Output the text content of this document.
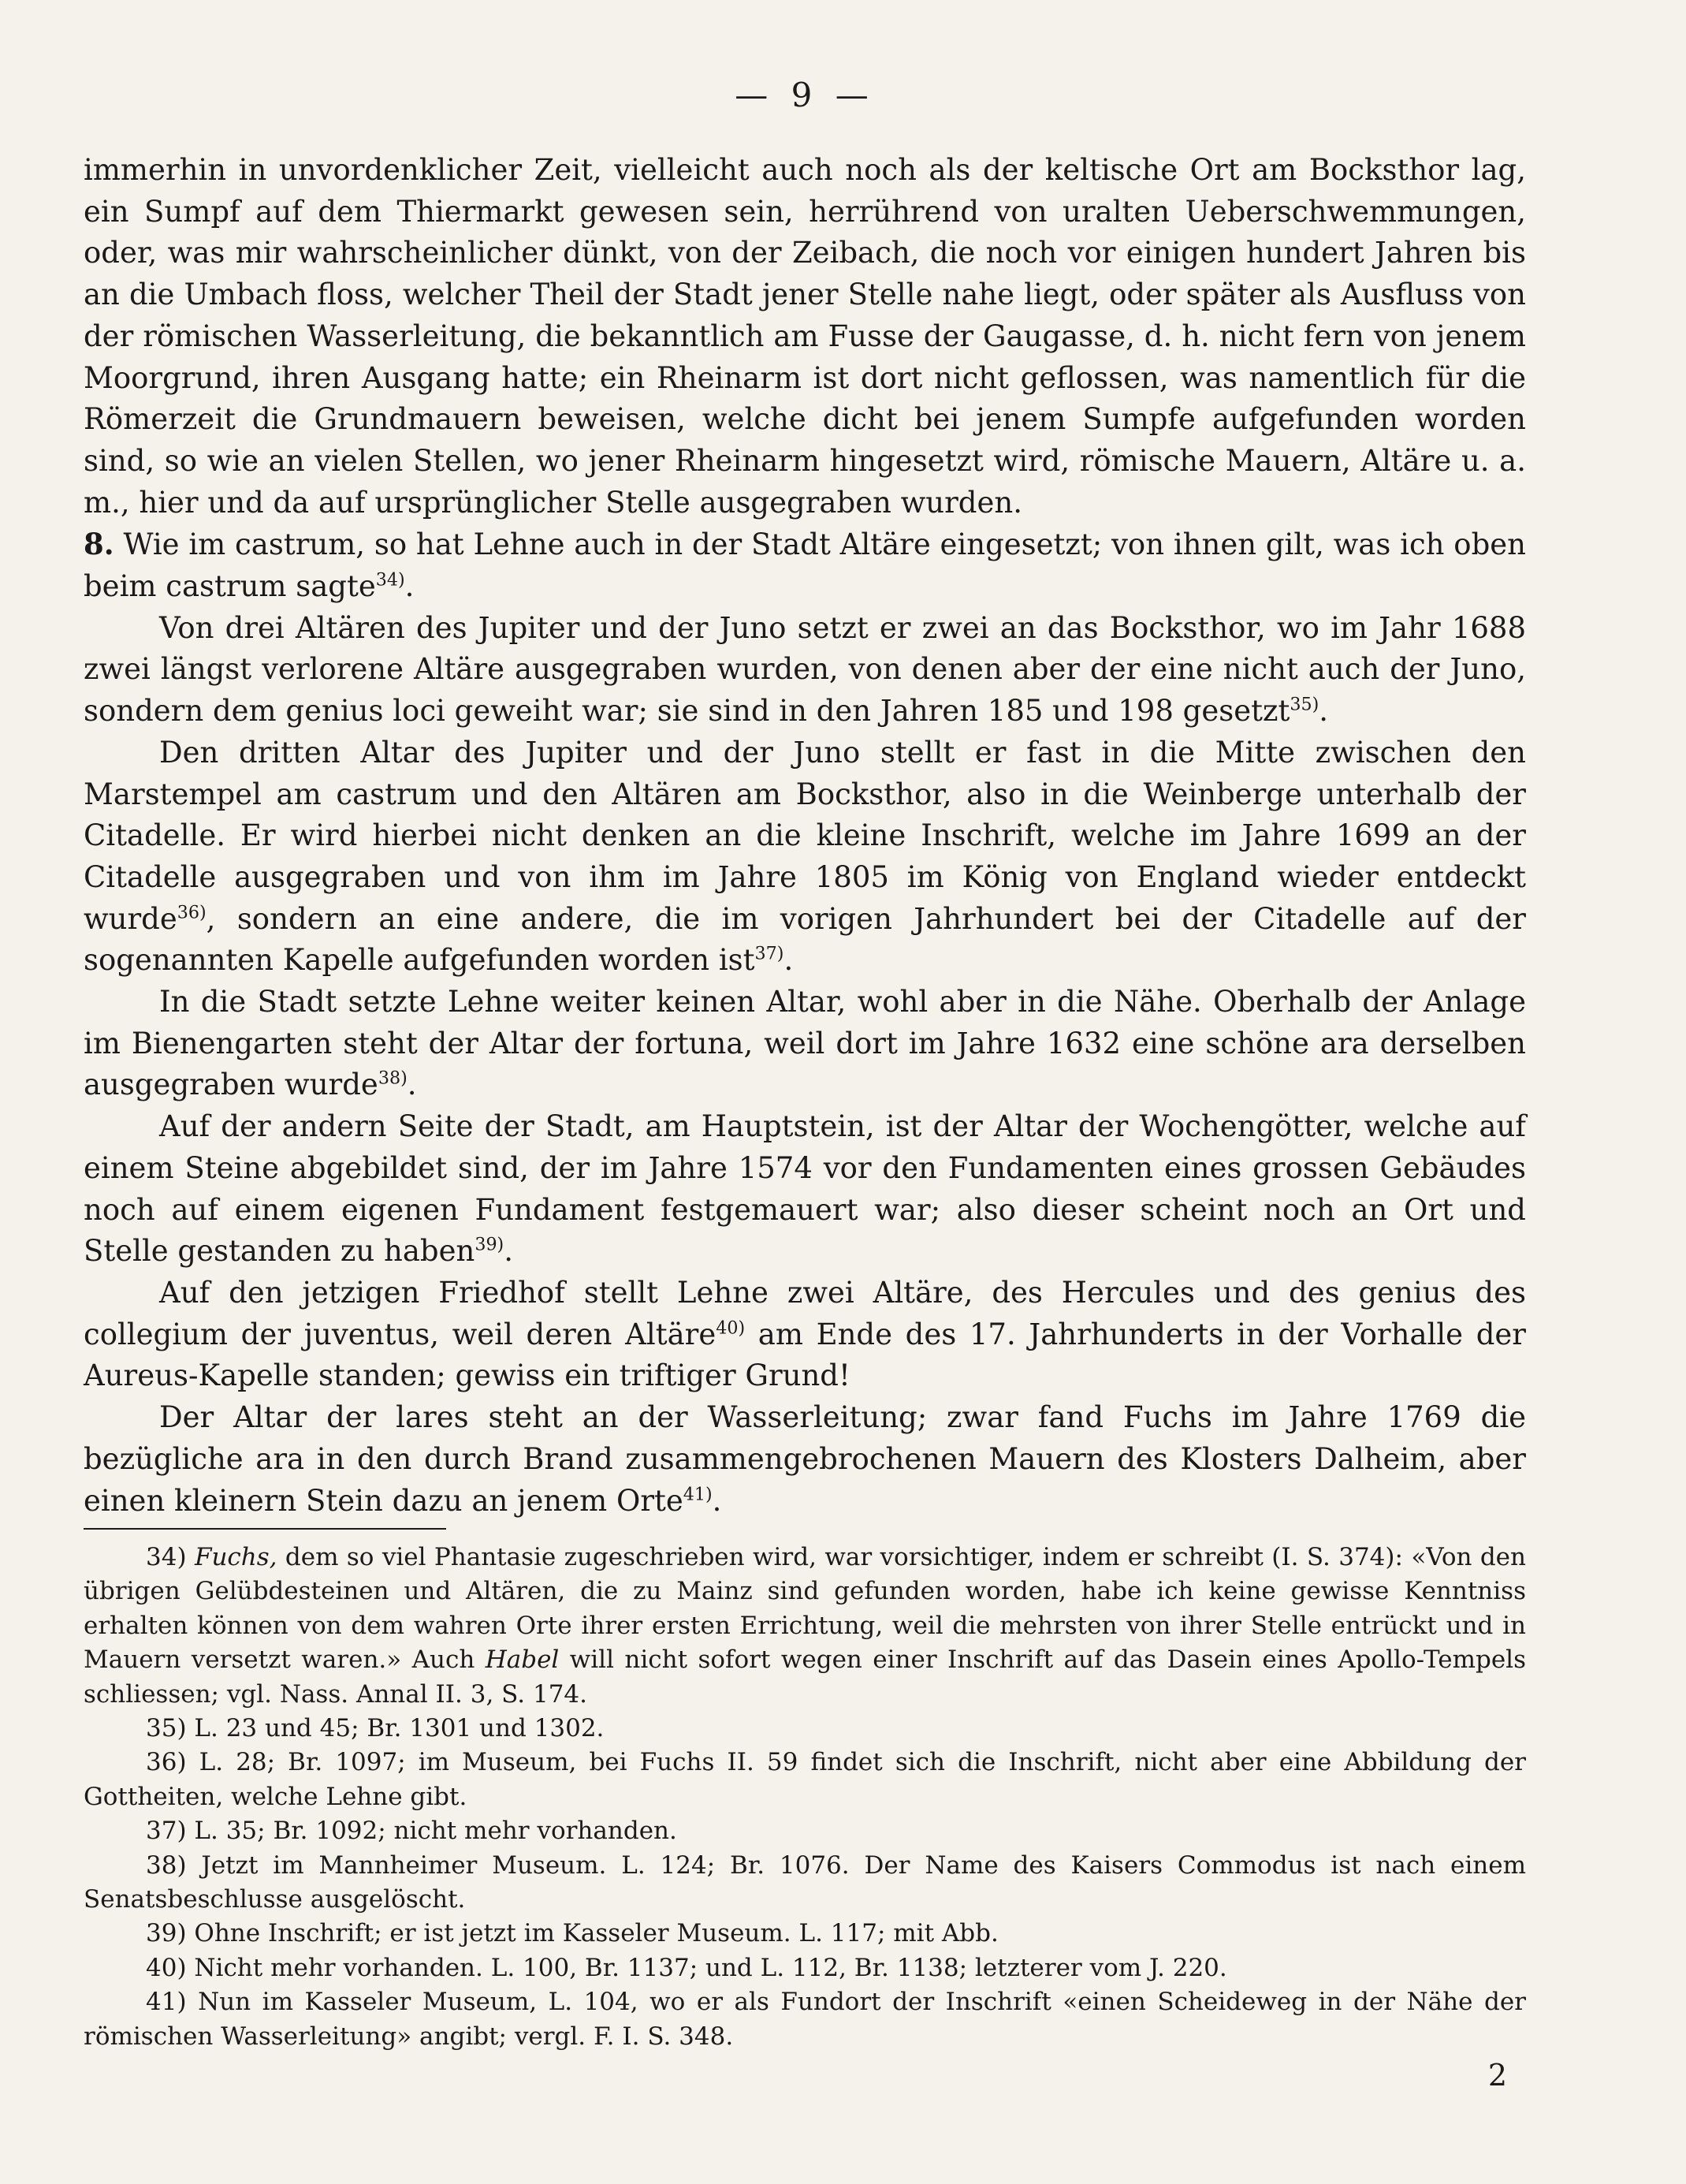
— 9 —

immerhin in unvordenklicher Zeit, vielleicht auch noch als der keltische Ort am Bocksthor lag, ein Sumpf auf dem Thiermarkt gewesen sein, herrührend von uralten Ueberschwemmungen, oder, was mir wahrscheinlicher dünkt, von der Zeibach, die noch vor einigen hundert Jahren bis an die Umbach floss, welcher Theil der Stadt jener Stelle nahe liegt, oder später als Ausfluss von der römischen Wasserleitung, die bekanntlich am Fusse der Gaugasse, d. h. nicht fern von jenem Moorgrund, ihren Ausgang hatte; ein Rheinarm ist dort nicht geflossen, was namentlich für die Römerzeit die Grundmauern beweisen, welche dicht bei jenem Sumpfe aufgefunden worden sind, so wie an vielen Stellen, wo jener Rheinarm hingesetzt wird, römische Mauern, Altäre u. a. m., hier und da auf ursprünglicher Stelle ausgegraben wurden.

8. Wie im castrum, so hat Lehne auch in der Stadt Altäre eingesetzt; von ihnen gilt, was ich oben beim castrum sagte$^{34)}$.

Von drei Altären des Jupiter und der Juno setzt er zwei an das Bocksthor, wo im Jahr 1688 zwei längst verlorene Altäre ausgegraben wurden, von denen aber der eine nicht auch der Juno, sondern dem genius loci geweiht war; sie sind in den Jahren 185 und 198 gesetzt$^{35)}$.

Den dritten Altar des Jupiter und der Juno stellt er fast in die Mitte zwischen den Marstempel am castrum und den Altären am Bocksthor, also in die Weinberge unterhalb der Citadelle. Er wird hierbei nicht denken an die kleine Inschrift, welche im Jahre 1699 an der Citadelle ausgegraben und von ihm im Jahre 1805 im König von England wieder entdeckt wurde$^{36)}$, sondern an eine andere, die im vorigen Jahrhundert bei der Citadelle auf der sogenannten Kapelle aufgefunden worden ist$^{37)}$.

In die Stadt setzte Lehne weiter keinen Altar, wohl aber in die Nähe. Oberhalb der Anlage im Bienengarten steht der Altar der fortuna, weil dort im Jahre 1632 eine schöne ara derselben ausgegraben wurde$^{38)}$.

Auf der andern Seite der Stadt, am Hauptstein, ist der Altar der Wochengötter, welche auf einem Steine abgebildet sind, der im Jahre 1574 vor den Fundamenten eines grossen Gebäudes noch auf einem eigenen Fundament festgemauert war; also dieser scheint noch an Ort und Stelle gestanden zu haben$^{39)}$.

Auf den jetzigen Friedhof stellt Lehne zwei Altäre, des Hercules und des genius des collegium der juventus, weil deren Altäre$^{40)}$ am Ende des 17. Jahrhunderts in der Vorhalle der Aureus-Kapelle standen; gewiss ein triftiger Grund!

Der Altar der lares steht an der Wasserleitung; zwar fand Fuchs im Jahre 1769 die bezügliche ara in den durch Brand zusammengebrochenen Mauern des Klosters Dalheim, aber einen kleinern Stein dazu an jenem Orte$^{41)}$.

34) Fuchs, dem so viel Phantasie zugeschrieben wird, war vorsichtiger, indem er schreibt (I. S. 374): «Von den übrigen Gelübdesteinen und Altären, die zu Mainz sind gefunden worden, habe ich keine gewisse Kenntniss erhalten können von dem wahren Orte ihrer ersten Errichtung, weil die mehrsten von ihrer Stelle entrückt und in Mauern versetzt waren.» Auch Habel will nicht sofort wegen einer Inschrift auf das Dasein eines Apollo-Tempels schliessen; vgl. Nass. Annal II. 3, S. 174.

35) L. 23 und 45; Br. 1301 und 1302.

36) L. 28; Br. 1097; im Museum, bei Fuchs II. 59 findet sich die Inschrift, nicht aber eine Abbildung der Gottheiten, welche Lehne gibt.

37) L. 35; Br. 1092; nicht mehr vorhanden.

38) Jetzt im Mannheimer Museum. L. 124; Br. 1076. Der Name des Kaisers Commodus ist nach einem Senatsbeschlusse ausgelöscht.

39) Ohne Inschrift; er ist jetzt im Kasseler Museum. L. 117; mit Abb.

40) Nicht mehr vorhanden. L. 100, Br. 1137; und L. 112, Br. 1138; letzterer vom J. 220.

41) Nun im Kasseler Museum, L. 104, wo er als Fundort der Inschrift «einen Scheideweg in der Nähe der römischen Wasserleitung» angibt; vergl. F. I. S. 348.

2
